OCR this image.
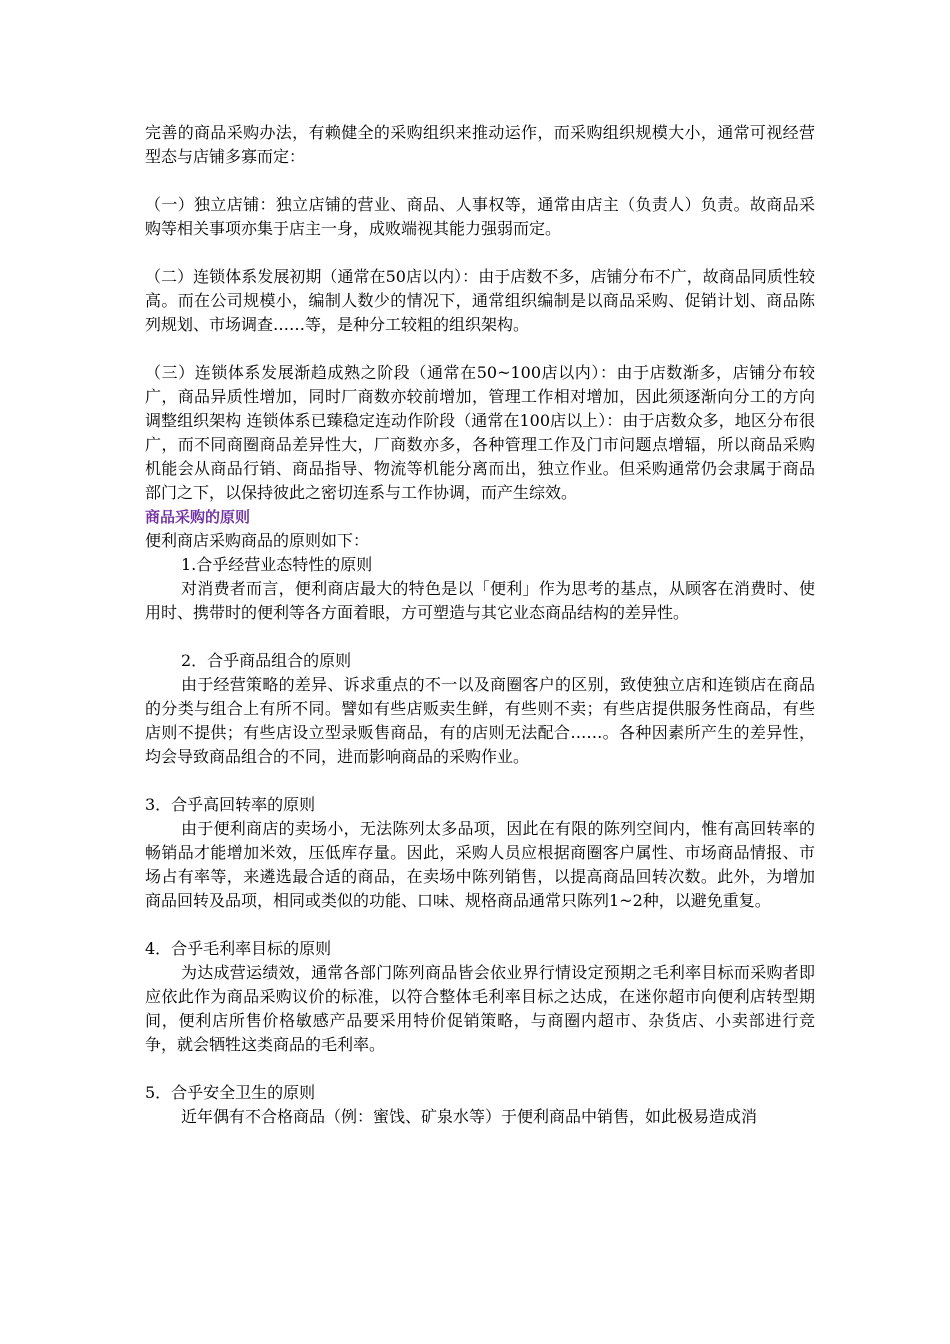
完善的商品采购办法，有赖健全的采购组织来推动运作，而采购组织规模大小，通常可视经营型态与店铺多寡而定：

（一）独立店铺：独立店铺的营业、商品、人事权等，通常由店主（负责人）负责。故商品采购等相关事项亦集于店主一身，成败端视其能力强弱而定。

（二）连锁体系发展初期（通常在50店以内）：由于店数不多，店铺分布不广，故商品同质性较高。而在公司规模小，编制人数少的情况下，通常组织编制是以商品采购、促销计划、商品陈列规划、市场调查……等，是种分工较粗的组织架构。

（三）连锁体系发展渐趋成熟之阶段（通常在50~100店以内）：由于店数渐多，店铺分布较广，商品异质性增加，同时厂商数亦较前增加，管理工作相对增加，因此须逐渐向分工的方向调整组织架构 连锁体系已臻稳定连动作阶段（通常在100店以上）：由于店数众多，地区分布很广，而不同商圈商品差异性大，厂商数亦多，各种管理工作及门市问题点增辐，所以商品采购机能会从商品行销、商品指导、物流等机能分离而出，独立作业。但采购通常仍会隶属于商品部门之下，以保持彼此之密切连系与工作协调，而产生综效。

商品采购的原则

便利商店采购商品的原则如下：

1.合乎经营业态特性的原则

对消费者而言，便利商店最大的特色是以「便利」作为思考的基点，从顾客在消费时、使用时、携带时的便利等各方面着眼，方可塑造与其它业态商品结构的差异性。

2．合乎商品组合的原则

由于经营策略的差异、诉求重点的不一以及商圈客户的区别，致使独立店和连锁店在商品的分类与组合上有所不同。譬如有些店贩卖生鲜，有些则不卖；有些店提供服务性商品，有些店则不提供；有些店设立型录贩售商品，有的店则无法配合……。各种因素所产生的差异性，均会导致商品组合的不同，进而影响商品的采购作业。

3．合乎高回转率的原则

由于便利商店的卖场小，无法陈列太多品项，因此在有限的陈列空间内，惟有高回转率的畅销品才能增加米效，压低库存量。因此，采购人员应根据商圈客户属性、市场商品情报、市场占有率等，来遴选最合适的商品，在卖场中陈列销售，以提高商品回转次数。此外，为增加商品回转及品项，相同或类似的功能、口味、规格商品通常只陈列1~2种，以避免重复。

4．合乎毛利率目标的原则

为达成营运绩效，通常各部门陈列商品皆会依业界行情设定预期之毛利率目标而采购者即应依此作为商品采购议价的标准，以符合整体毛利率目标之达成，在迷你超市向便利店转型期间，便利店所售价格敏感产品要采用特价促销策略，与商圈内超市、杂货店、小卖部进行竞争，就会牺牲这类商品的毛利率。

5．合乎安全卫生的原则

近年偶有不合格商品（例：蜜饯、矿泉水等）于便利商品中销售，如此极易造成消
